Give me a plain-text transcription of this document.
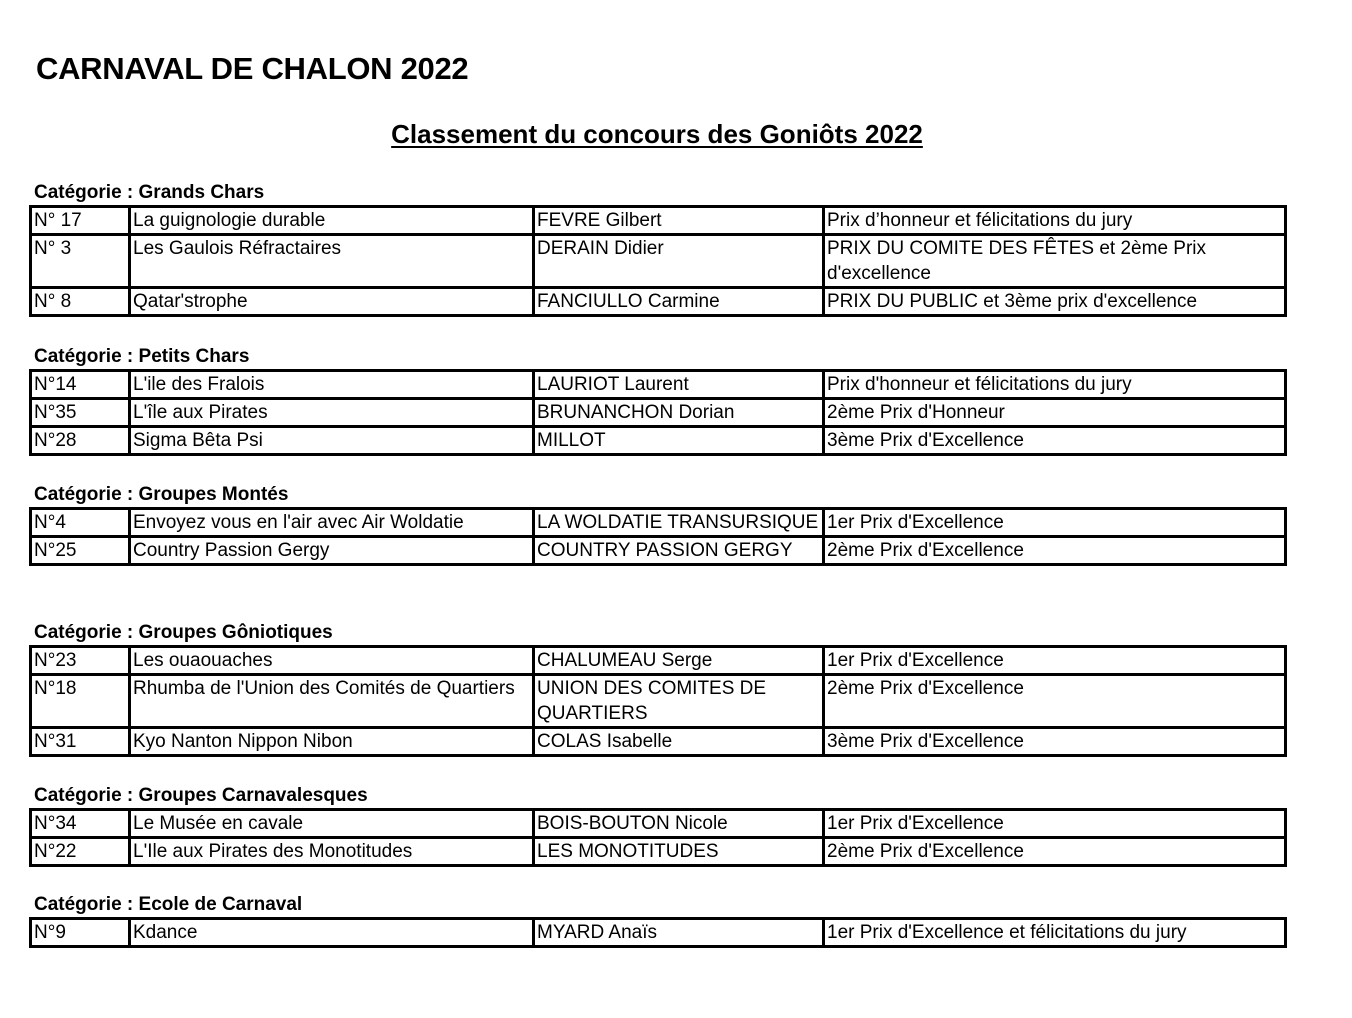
CARNAVAL DE CHALON 2022
Classement du concours des Goniôts 2022
Catégorie : Grands Chars
N° 17	La guignologie durable	FEVRE Gilbert	Prix d’honneur et félicitations du jury
N° 3	Les Gaulois Réfractaires	DERAIN Didier	PRIX DU COMITE DES FÊTES et 2ème Prix d'excellence
N° 8	Qatar'strophe	FANCIULLO Carmine	PRIX DU PUBLIC et 3ème prix d'excellence
Catégorie : Petits Chars
N°14	L'ile des Fralois	LAURIOT Laurent	Prix d'honneur et félicitations du jury
N°35	L'île aux Pirates	BRUNANCHON Dorian	2ème Prix d'Honneur
N°28	Sigma Bêta Psi	MILLOT	3ème Prix d'Excellence
Catégorie : Groupes Montés
N°4	Envoyez vous en l'air avec Air Woldatie	LA WOLDATIE TRANSURSIQUE	1er Prix d'Excellence
N°25	Country Passion Gergy	COUNTRY PASSION GERGY	2ème Prix d'Excellence
Catégorie : Groupes Gôniotiques
N°23	Les ouaouaches	CHALUMEAU Serge	1er Prix d'Excellence
N°18	Rhumba de l'Union des Comités de Quartiers	UNION DES COMITES DE QUARTIERS	2ème Prix d'Excellence
N°31	Kyo Nanton Nippon Nibon	COLAS Isabelle	3ème Prix d'Excellence
Catégorie : Groupes Carnavalesques
N°34	Le Musée en cavale	BOIS-BOUTON Nicole	1er Prix d'Excellence
N°22	L'Ile aux Pirates des Monotitudes	LES MONOTITUDES	2ème Prix d'Excellence
Catégorie : Ecole de Carnaval
N°9	Kdance	MYARD Anaïs	1er Prix d'Excellence et félicitations du jury
